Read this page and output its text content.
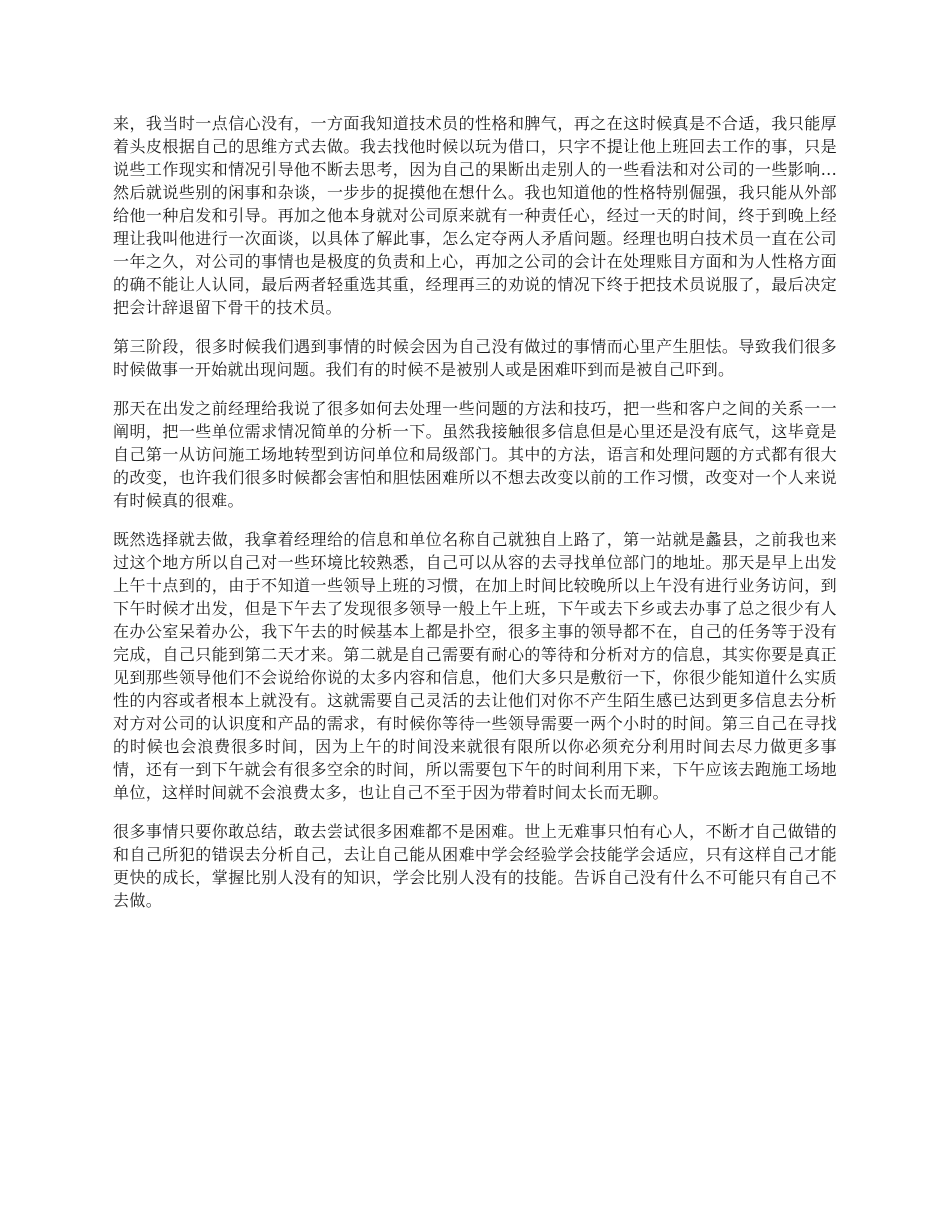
来，我当时一点信心没有，一方面我知道技术员的性格和脾气，再之在这时候真是不合适，我只能厚着头皮根据自己的思维方式去做。我去找他时候以玩为借口，只字不提让他上班回去工作的事，只是说些工作现实和情况引导他不断去思考，因为自己的果断出走别人的一些看法和对公司的一些影响...然后就说些别的闲事和杂谈，一步步的捉摸他在想什么。我也知道他的性格特别倔强，我只能从外部给他一种启发和引导。再加之他本身就对公司原来就有一种责任心，经过一天的时间，终于到晚上经理让我叫他进行一次面谈，以具体了解此事，怎么定夺两人矛盾问题。经理也明白技术员一直在公司一年之久，对公司的事情也是极度的负责和上心，再加之公司的会计在处理账目方面和为人性格方面的确不能让人认同，最后两者轻重选其重，经理再三的劝说的情况下终于把技术员说服了，最后决定把会计辞退留下骨干的技术员。

第三阶段，很多时候我们遇到事情的时候会因为自己没有做过的事情而心里产生胆怯。导致我们很多时候做事一开始就出现问题。我们有的时候不是被别人或是困难吓到而是被自己吓到。

那天在出发之前经理给我说了很多如何去处理一些问题的方法和技巧，把一些和客户之间的关系一一阐明，把一些单位需求情况简单的分析一下。虽然我接触很多信息但是心里还是没有底气，这毕竟是自己第一从访问施工场地转型到访问单位和局级部门。其中的方法，语言和处理问题的方式都有很大的改变，也许我们很多时候都会害怕和胆怯困难所以不想去改变以前的工作习惯，改变对一个人来说有时候真的很难。

既然选择就去做，我拿着经理给的信息和单位名称自己就独自上路了，第一站就是蠡县，之前我也来过这个地方所以自己对一些环境比较熟悉，自己可以从容的去寻找单位部门的地址。那天是早上出发上午十点到的，由于不知道一些领导上班的习惯，在加上时间比较晚所以上午没有进行业务访问，到下午时候才出发，但是下午去了发现很多领导一般上午上班，下午或去下乡或去办事了总之很少有人在办公室呆着办公，我下午去的时候基本上都是扑空，很多主事的领导都不在，自己的任务等于没有完成，自己只能到第二天才来。第二就是自己需要有耐心的等待和分析对方的信息，其实你要是真正见到那些领导他们不会说给你说的太多内容和信息，他们大多只是敷衍一下，你很少能知道什么实质性的内容或者根本上就没有。这就需要自己灵活的去让他们对你不产生陌生感已达到更多信息去分析对方对公司的认识度和产品的需求，有时候你等待一些领导需要一两个小时的时间。第三自己在寻找的时候也会浪费很多时间，因为上午的时间没来就很有限所以你必须充分利用时间去尽力做更多事情，还有一到下午就会有很多空余的时间，所以需要包下午的时间利用下来，下午应该去跑施工场地单位，这样时间就不会浪费太多，也让自己不至于因为带着时间太长而无聊。

很多事情只要你敢总结，敢去尝试很多困难都不是困难。世上无难事只怕有心人，不断才自己做错的和自己所犯的错误去分析自己，去让自己能从困难中学会经验学会技能学会适应，只有这样自己才能更快的成长，掌握比别人没有的知识，学会比别人没有的技能。告诉自己没有什么不可能只有自己不去做。
